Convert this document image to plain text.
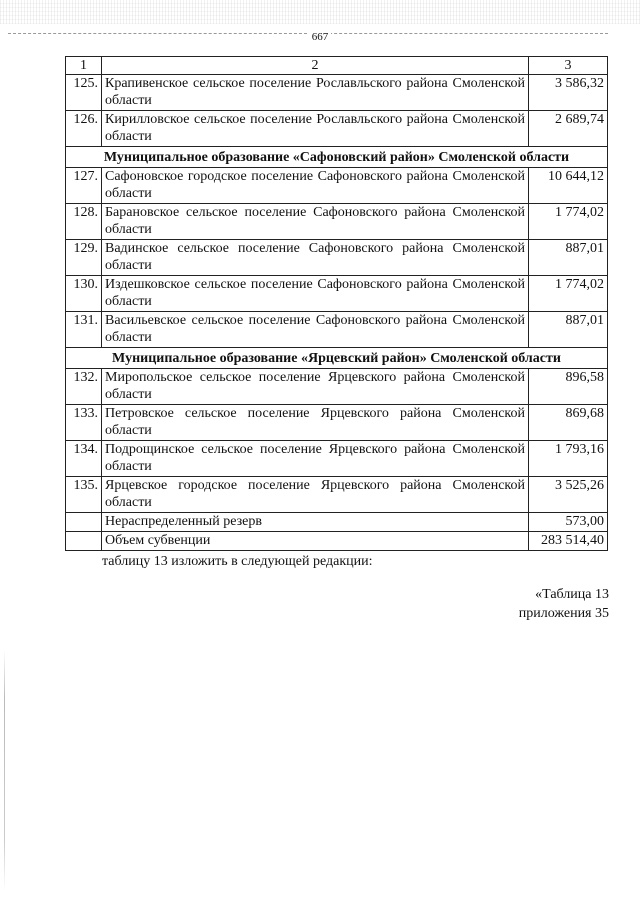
667
1	2	3
125.	Крапивенское сельское поселение Рославльского района Смоленской области	3 586,32
126.	Кирилловское сельское поселение Рославльского района Смоленской области	2 689,74
Муниципальное образование «Сафоновский район» Смоленской области		
127.	Сафоновское городское поселение Сафоновского района Смоленской области	10 644,12
128.	Барановское сельское поселение Сафоновского района Смоленской области	1 774,02
129.	Вадинское сельское поселение Сафоновского района Смоленской области	887,01
130.	Издешковское сельское поселение Сафоновского района Смоленской области	1 774,02
131.	Васильевское сельское поселение Сафоновского района Смоленской области	887,01
Муниципальное образование «Ярцевский район» Смоленской области		
132.	Миропольское сельское поселение Ярцевского района Смоленской области	896,58
133.	Петровское сельское поселение Ярцевского района Смоленской области	869,68
134.	Подрощинское сельское поселение Ярцевского района Смоленской области	1 793,16
135.	Ярцевское городское поселение Ярцевского района Смоленской области	3 525,26
	Нераспределенный резерв	573,00
	Объем субвенции	283 514,40
таблицу 13 изложить в следующей редакции:
«Таблица 13
приложения 35
